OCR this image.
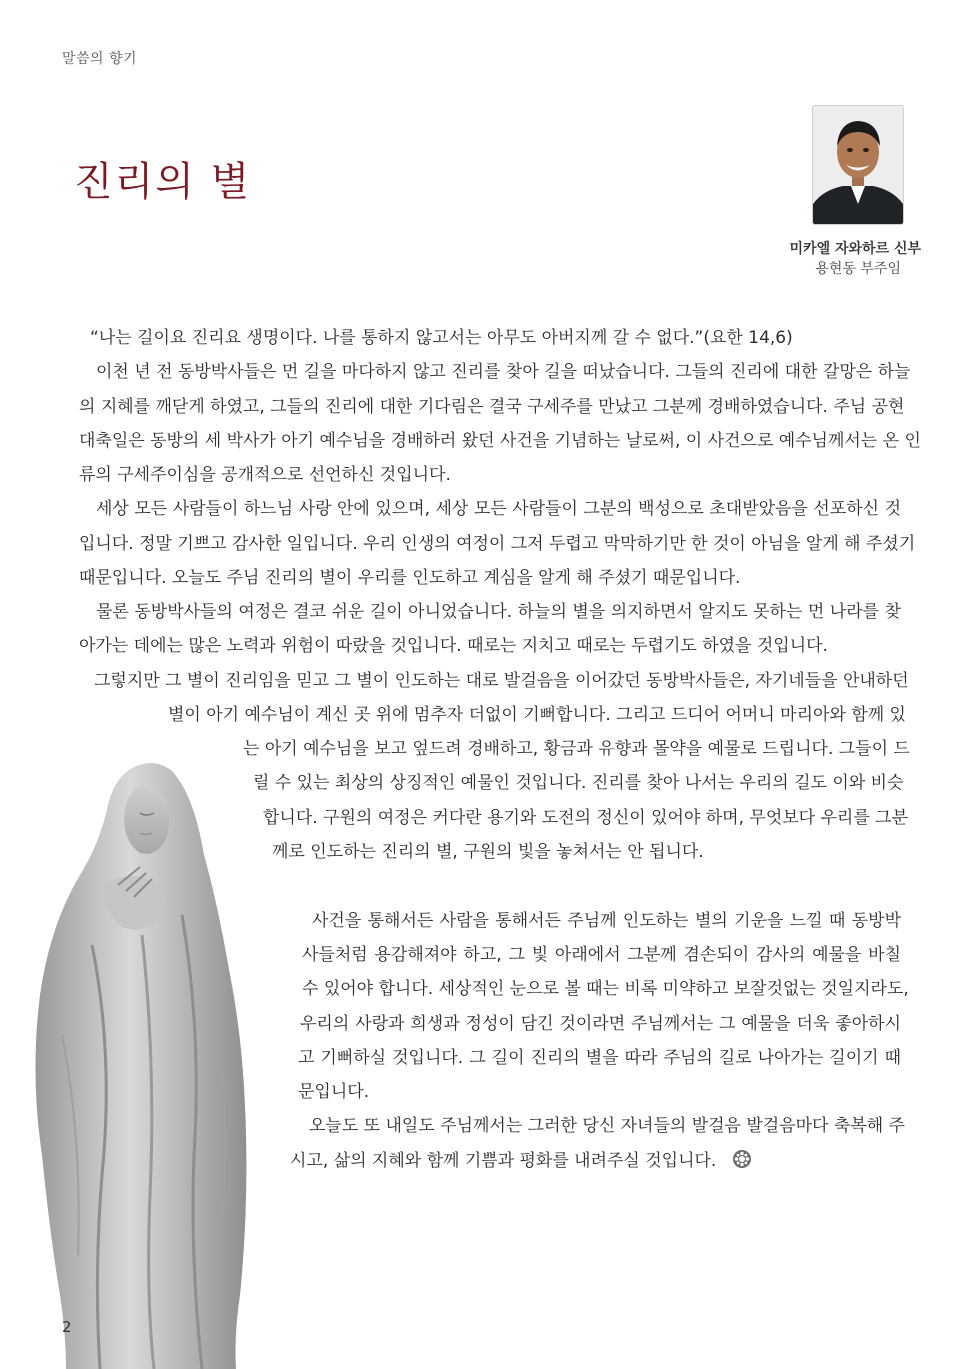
말씀의 향기
진리의 별
미카엘 자와하르 신부
용현동 부주임

“나는 길이요 진리요 생명이다. 나를 통하지 않고서는 아무도 아버지께 갈 수 없다.”(요한 14,6)

이천 년 전 동방박사들은 먼 길을 마다하지 않고 진리를 찾아 길을 떠났습니다. 그들의 진리에 대한 갈망은 하늘

의 지혜를 깨닫게 하였고, 그들의 진리에 대한 기다림은 결국 구세주를 만났고 그분께 경배하였습니다. 주님 공현

대축일은 동방의 세 박사가 아기 예수님을 경배하러 왔던 사건을 기념하는 날로써, 이 사건으로 예수님께서는 온 인

류의 구세주이심을 공개적으로 선언하신 것입니다.

세상 모든 사람들이 하느님 사랑 안에 있으며, 세상 모든 사람들이 그분의 백성으로 초대받았음을 선포하신 것

입니다. 정말 기쁘고 감사한 일입니다. 우리 인생의 여정이 그저 두렵고 막막하기만 한 것이 아님을 알게 해 주셨기

때문입니다. 오늘도 주님 진리의 별이 우리를 인도하고 계심을 알게 해 주셨기 때문입니다.

물론 동방박사들의 여정은 결코 쉬운 길이 아니었습니다. 하늘의 별을 의지하면서 알지도 못하는 먼 나라를 찾

아가는 데에는 많은 노력과 위험이 따랐을 것입니다. 때로는 지치고 때로는 두렵기도 하였을 것입니다.

그렇지만 그 별이 진리임을 믿고 그 별이 인도하는 대로 발걸음을 이어갔던 동방박사들은, 자기네들을 안내하던

별이 아기 예수님이 계신 곳 위에 멈추자 더없이 기뻐합니다. 그리고 드디어 어머니 마리아와 함께 있

는 아기 예수님을 보고 엎드려 경배하고, 황금과 유향과 몰약을 예물로 드립니다. 그들이 드

릴 수 있는 최상의 상징적인 예물인 것입니다. 진리를 찾아 나서는 우리의 길도 이와 비슷

합니다. 구원의 여정은 커다란 용기와 도전의 정신이 있어야 하며, 무엇보다 우리를 그분

께로 인도하는 진리의 별, 구원의 빛을 놓쳐서는 안 됩니다.

사건을 통해서든 사람을 통해서든 주님께 인도하는 별의 기운을 느낄 때 동방박

사들처럼 용감해져야 하고, 그 빛 아래에서 그분께 겸손되이 감사의 예물을 바칠

수 있어야 합니다. 세상적인 눈으로 볼 때는 비록 미약하고 보잘것없는 것일지라도,

우리의 사랑과 희생과 정성이 담긴 것이라면 주님께서는 그 예물을 더욱 좋아하시

고 기뻐하실 것입니다. 그 길이 진리의 별을 따라 주님의 길로 나아가는 길이기 때

문입니다.

오늘도 또 내일도 주님께서는 그러한 당신 자녀들의 발걸음 발걸음마다 축복해 주

시고, 삶의 지혜와 함께 기쁨과 평화를 내려주실 것입니다.
2
